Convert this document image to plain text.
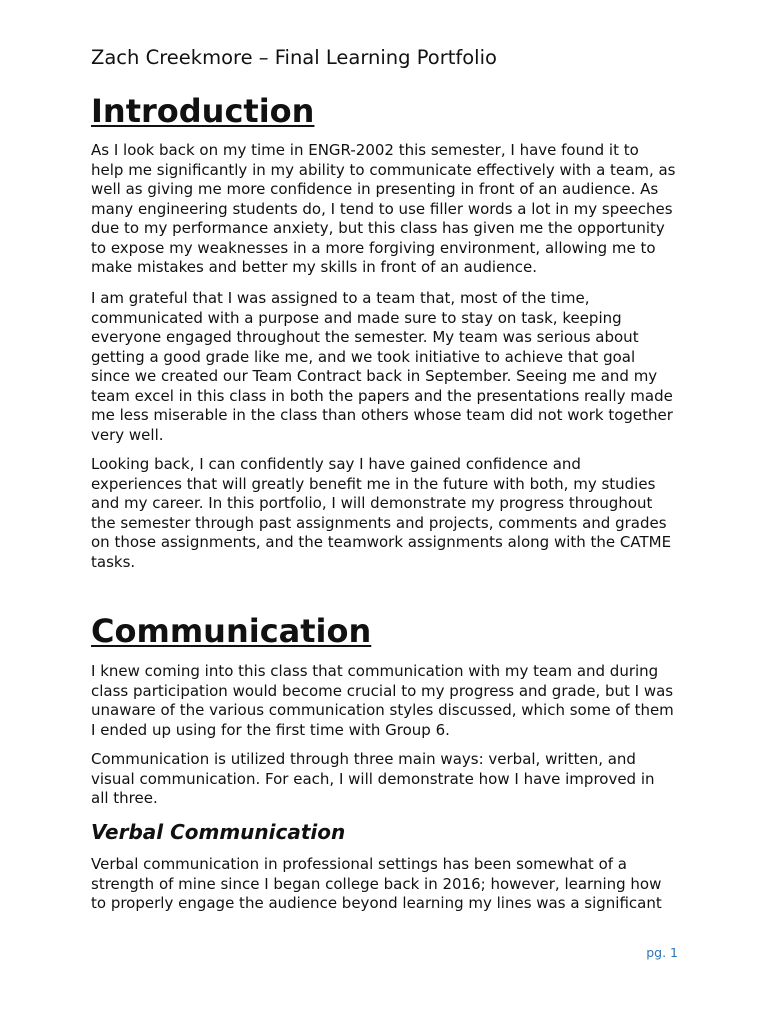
Zach Creekmore – Final Learning Portfolio
Introduction

As I look back on my time in ENGR-2002 this semester, I have found it to
help me significantly in my ability to communicate effectively with a team, as
well as giving me more confidence in presenting in front of an audience. As
many engineering students do, I tend to use filler words a lot in my speeches
due to my performance anxiety, but this class has given me the opportunity
to expose my weaknesses in a more forgiving environment, allowing me to
make mistakes and better my skills in front of an audience.

I am grateful that I was assigned to a team that, most of the time,
communicated with a purpose and made sure to stay on task, keeping
everyone engaged throughout the semester. My team was serious about
getting a good grade like me, and we took initiative to achieve that goal
since we created our Team Contract back in September. Seeing me and my
team excel in this class in both the papers and the presentations really made
me less miserable in the class than others whose team did not work together
very well.

Looking back, I can confidently say I have gained confidence and
experiences that will greatly benefit me in the future with both, my studies
and my career. In this portfolio, I will demonstrate my progress throughout
the semester through past assignments and projects, comments and grades
on those assignments, and the teamwork assignments along with the CATME
tasks.

Communication

I knew coming into this class that communication with my team and during
class participation would become crucial to my progress and grade, but I was
unaware of the various communication styles discussed, which some of them
I ended up using for the first time with Group 6.

Communication is utilized through three main ways: verbal, written, and
visual communication. For each, I will demonstrate how I have improved in
all three.

Verbal Communication

Verbal communication in professional settings has been somewhat of a
strength of mine since I began college back in 2016; however, learning how
to properly engage the audience beyond learning my lines was a significant

pg. 1
